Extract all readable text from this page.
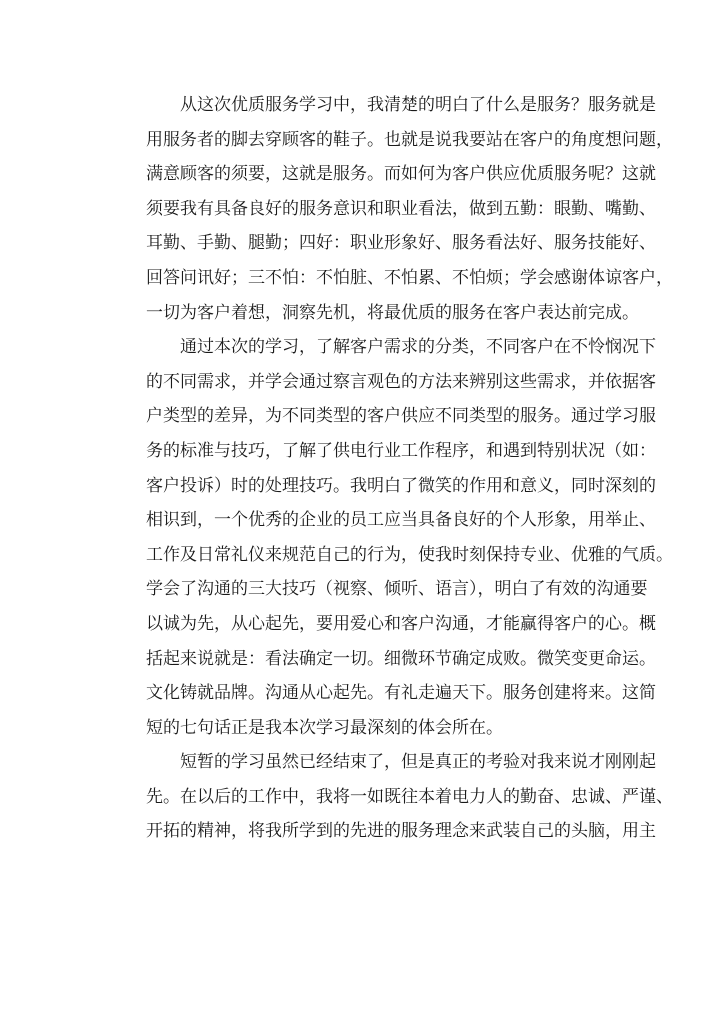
从这次优质服务学习中，我清楚的明白了什么是服务？服务就是
用服务者的脚去穿顾客的鞋子。也就是说我要站在客户的角度想问题，
满意顾客的须要，这就是服务。而如何为客户供应优质服务呢？这就
须要我有具备良好的服务意识和职业看法，做到五勤：眼勤、嘴勤、
耳勤、手勤、腿勤；四好：职业形象好、服务看法好、服务技能好、
回答问讯好；三不怕：不怕脏、不怕累、不怕烦；学会感谢体谅客户，
一切为客户着想，洞察先机，将最优质的服务在客户表达前完成。
通过本次的学习，了解客户需求的分类，不同客户在不怜悯况下
的不同需求，并学会通过察言观色的方法来辨别这些需求，并依据客
户类型的差异，为不同类型的客户供应不同类型的服务。通过学习服
务的标准与技巧，了解了供电行业工作程序，和遇到特别状况（如：
客户投诉）时的处理技巧。我明白了微笑的作用和意义，同时深刻的
相识到，一个优秀的企业的员工应当具备良好的个人形象，用举止、
工作及日常礼仪来规范自己的行为，使我时刻保持专业、优雅的气质。
学会了沟通的三大技巧（视察、倾听、语言），明白了有效的沟通要
以诚为先，从心起先，要用爱心和客户沟通，才能赢得客户的心。概
括起来说就是：看法确定一切。细微环节确定成败。微笑变更命运。
文化铸就品牌。沟通从心起先。有礼走遍天下。服务创建将来。这简
短的七句话正是我本次学习最深刻的体会所在。
短暂的学习虽然已经结束了，但是真正的考验对我来说才刚刚起
先。在以后的工作中，我将一如既往本着电力人的勤奋、忠诚、严谨、
开拓的精神，将我所学到的先进的服务理念来武装自己的头脑，用主
